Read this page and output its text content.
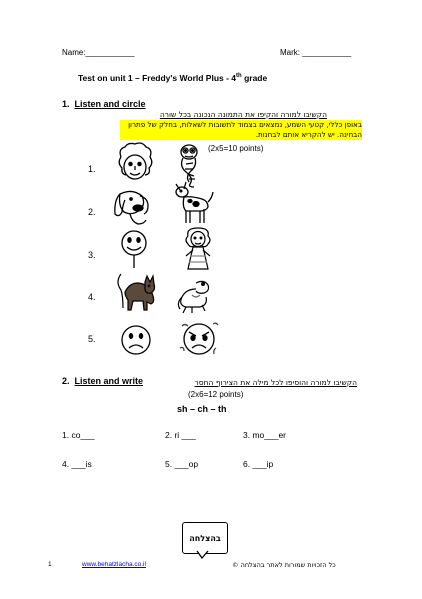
Name:___________	Mark: ___________
Test on unit 1 – Freddy's World Plus - 4th grade
1. Listen and circle
הקשיבו למורה והקיפו את התמונה הנכונה בכל שורה
באופן כללי, קטעי השמע, נמצאים בצמוד לתשובות לשאלות, בחלק של פתרון
הבחינה. יש להקריא אותם לבחנות.
(2x5=10 points)
1.
2.
3.
4.
5.
2. Listen and write	הקשיבו למורה והוסיפו לכל מילה את הצירוף החסר
(2x6=12 points)
sh – ch – th
1. co___	2. ri ___	3. mo___er
4. ___is	5. ___op	6. ___ip
בהצלחה
1	www.behatzlacha.co.il	כל הזכויות שמורות לאתר בהצלחה ©
